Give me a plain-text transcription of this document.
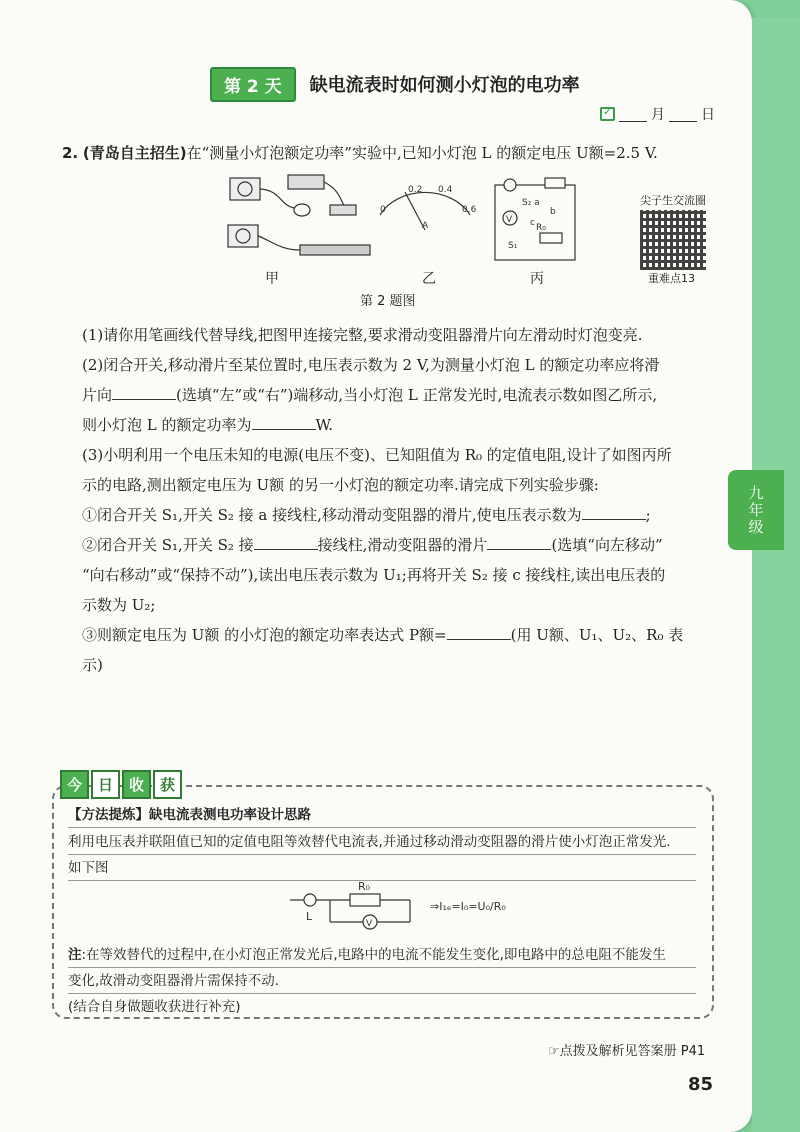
第 2 天	缺电流表时如何测小灯泡的电功率
✓
月	日
2. (青岛自主招生)在“测量小灯泡额定功率”实验中,已知小灯泡 L 的额定电压 U额=2.5 V.
0
0.2 0.4
0.6
A
V
R₀
S₂ a
b
c
S₁
甲	乙	丙
第 2 题图
尖子生交流圈
重难点13

(1)请你用笔画线代替导线,把图甲连接完整,要求滑动变阻器滑片向左滑动时灯泡变亮.

(2)闭合开关,移动滑片至某位置时,电压表示数为 2 V,为测量小灯泡 L 的额定功率应将滑

片向	(选填“左”或“右”)端移动,当小灯泡 L 正常发光时,电流表示数如图乙所示,

则小灯泡 L 的额定功率为	W.

(3)小明利用一个电压未知的电源(电压不变)、已知阻值为 R₀ 的定值电阻,设计了如图丙所

示的电路,测出额定电压为 U额 的另一小灯泡的额定功率.请完成下列实验步骤:

①闭合开关 S₁,开关 S₂ 接 a 接线柱,移动滑动变阻器的滑片,使电压表示数为	;

②闭合开关 S₁,开关 S₂ 接	接线柱,滑动变阻器的滑片	(选填“向左移动”

“向右移动”或“保持不动”),读出电压表示数为 U₁;再将开关 S₂ 接 c 接线柱,读出电压表的

示数为 U₂;

③则额定电压为 U额 的小灯泡的额定功率表达式 P额=	(用 U额、U₁、U₂、R₀ 表示)

九年级
今	日	收	获
【方法提炼】缺电流表测电功率设计思路
利用电压表并联阻值已知的定值电阻等效替代电流表,并通过移动滑动变阻器的滑片使小灯泡正常发光.
如下图
V
R₀
L
⇒I₁ₑ=I₀=U₀/R₀
注:在等效替代的过程中,在小灯泡正常发光后,电路中的电流不能发生变化,即电路中的总电阻不能发生
变化,故滑动变阻器滑片需保持不动.
(结合自身做题收获进行补充)
☞点拨及解析见答案册 P41
85
